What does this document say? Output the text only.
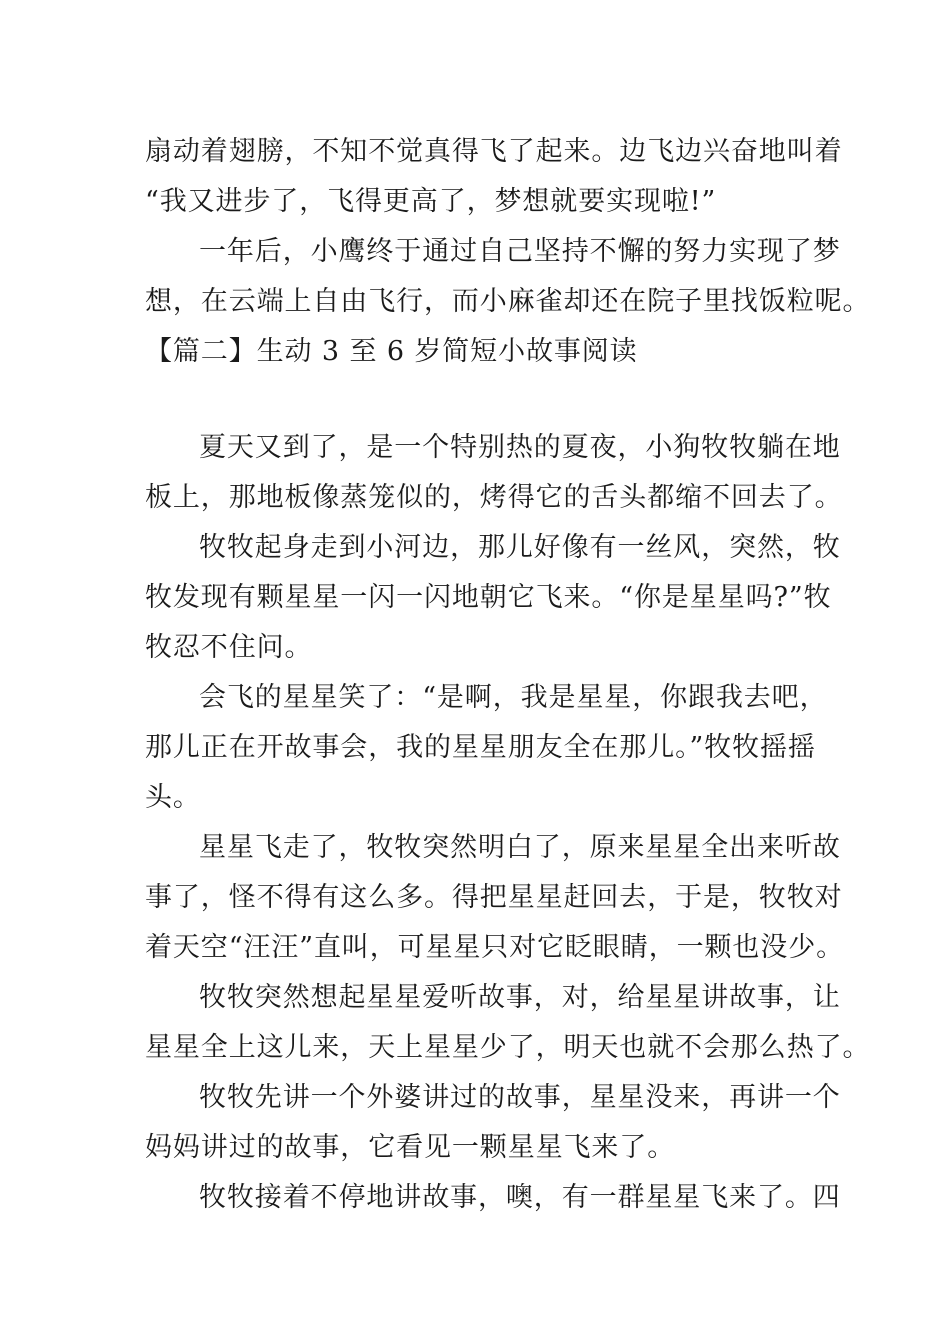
扇动着翅膀，不知不觉真得飞了起来。边飞边兴奋地叫着
“我又进步了，飞得更高了，梦想就要实现啦!”
一年后，小鹰终于通过自己坚持不懈的努力实现了梦
想，在云端上自由飞行，而小麻雀却还在院子里找饭粒呢。
【篇二】生动 3 至 6 岁简短小故事阅读
夏天又到了，是一个特别热的夏夜，小狗牧牧躺在地
板上，那地板像蒸笼似的，烤得它的舌头都缩不回去了。
牧牧起身走到小河边，那儿好像有一丝风，突然，牧
牧发现有颗星星一闪一闪地朝它飞来。“你是星星吗?”牧
牧忍不住问。
会飞的星星笑了：“是啊，我是星星，你跟我去吧，
那儿正在开故事会，我的星星朋友全在那儿。”牧牧摇摇
头。
星星飞走了，牧牧突然明白了，原来星星全出来听故
事了，怪不得有这么多。得把星星赶回去，于是，牧牧对
着天空“汪汪”直叫，可星星只对它眨眼睛，一颗也没少。
牧牧突然想起星星爱听故事，对，给星星讲故事，让
星星全上这儿来，天上星星少了，明天也就不会那么热了。
牧牧先讲一个外婆讲过的故事，星星没来，再讲一个
妈妈讲过的故事，它看见一颗星星飞来了。
牧牧接着不停地讲故事，噢，有一群星星飞来了。四
